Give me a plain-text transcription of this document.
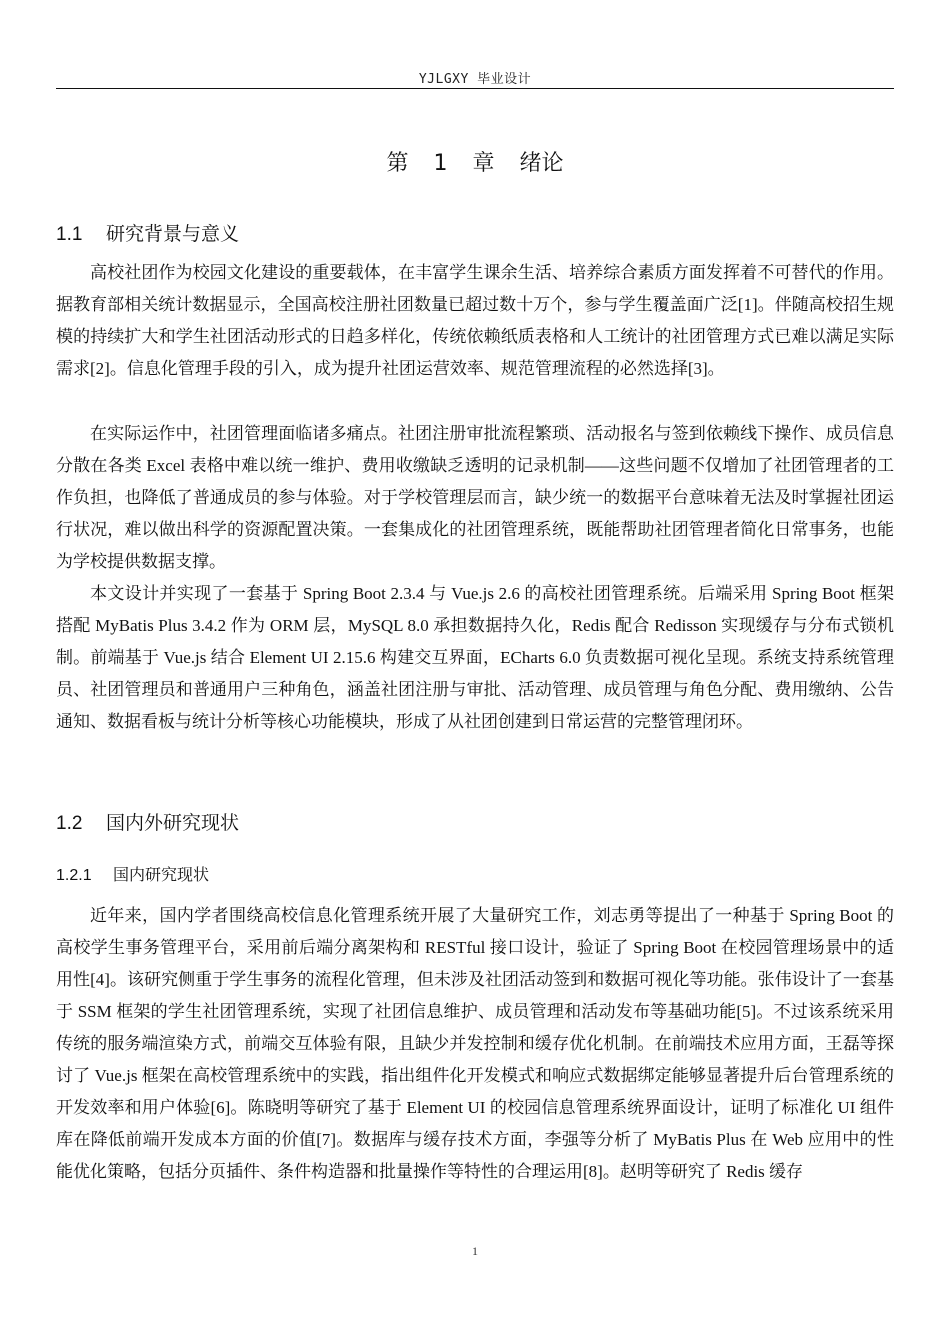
YJLGXY 毕业设计
第 1 章 绪论
1.1 研究背景与意义

高校社团作为校园文化建设的重要载体，在丰富学生课余生活、培养综合素质方面发挥着不可替代的作用。据教育部相关统计数据显示，全国高校注册社团数量已超过数十万个，参与学生覆盖面广泛[1]。伴随高校招生规模的持续扩大和学生社团活动形式的日趋多样化，传统依赖纸质表格和人工统计的社团管理方式已难以满足实际需求[2]。信息化管理手段的引入，成为提升社团运营效率、规范管理流程的必然选择[3]。

在实际运作中，社团管理面临诸多痛点。社团注册审批流程繁琐、活动报名与签到依赖线下操作、成员信息分散在各类 Excel 表格中难以统一维护、费用收缴缺乏透明的记录机制——这些问题不仅增加了社团管理者的工作负担，也降低了普通成员的参与体验。对于学校管理层而言，缺少统一的数据平台意味着无法及时掌握社团运行状况，难以做出科学的资源配置决策。一套集成化的社团管理系统，既能帮助社团管理者简化日常事务，也能为学校提供数据支撑。

本文设计并实现了一套基于 Spring Boot 2.3.4 与 Vue.js 2.6 的高校社团管理系统。后端采用 Spring Boot 框架搭配 MyBatis Plus 3.4.2 作为 ORM 层，MySQL 8.0 承担数据持久化，Redis 配合 Redisson 实现缓存与分布式锁机制。前端基于 Vue.js 结合 Element UI 2.15.6 构建交互界面，ECharts 6.0 负责数据可视化呈现。系统支持系统管理员、社团管理员和普通用户三种角色，涵盖社团注册与审批、活动管理、成员管理与角色分配、费用缴纳、公告通知、数据看板与统计分析等核心功能模块，形成了从社团创建到日常运营的完整管理闭环。

1.2 国内外研究现状
1.2.1 国内研究现状

近年来，国内学者围绕高校信息化管理系统开展了大量研究工作，刘志勇等提出了一种基于 Spring Boot 的高校学生事务管理平台，采用前后端分离架构和 RESTful 接口设计，验证了 Spring Boot 在校园管理场景中的适用性[4]。该研究侧重于学生事务的流程化管理，但未涉及社团活动签到和数据可视化等功能。张伟设计了一套基于 SSM 框架的学生社团管理系统，实现了社团信息维护、成员管理和活动发布等基础功能[5]。不过该系统采用传统的服务端渲染方式，前端交互体验有限，且缺少并发控制和缓存优化机制。在前端技术应用方面，王磊等探讨了 Vue.js 框架在高校管理系统中的实践，指出组件化开发模式和响应式数据绑定能够显著提升后台管理系统的开发效率和用户体验[6]。陈晓明等研究了基于 Element UI 的校园信息管理系统界面设计，证明了标准化 UI 组件库在降低前端开发成本方面的价值[7]。数据库与缓存技术方面，李强等分析了 MyBatis Plus 在 Web 应用中的性能优化策略，包括分页插件、条件构造器和批量操作等特性的合理运用[8]。赵明等研究了 Redis 缓存

1
